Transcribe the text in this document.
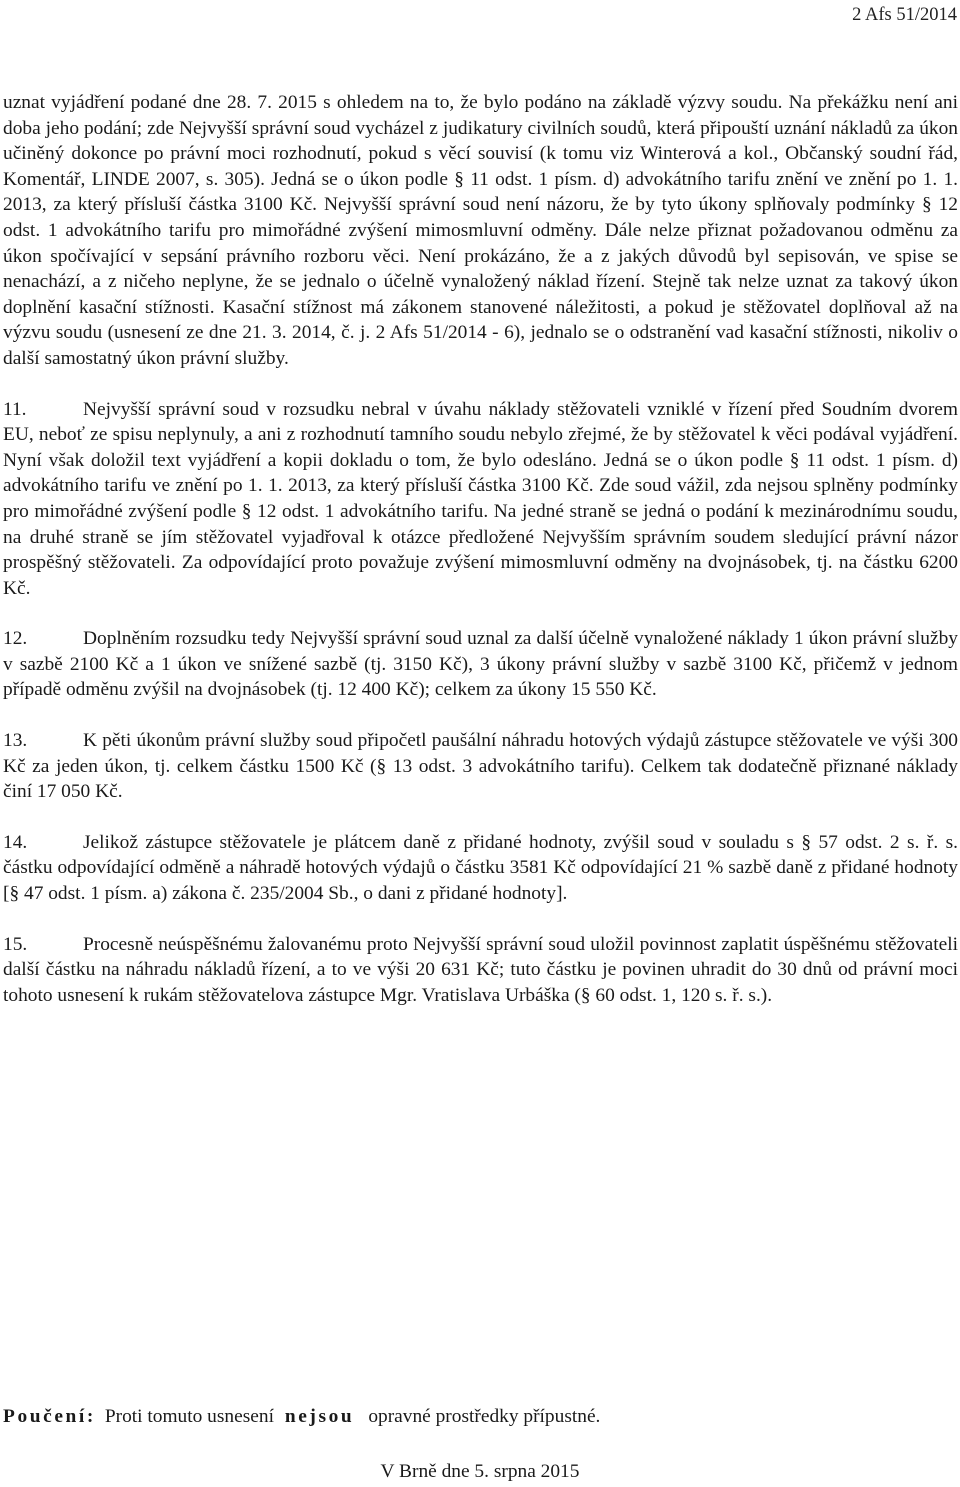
2 Afs 51/2014

uznat vyjádření podané dne 28. 7. 2015 s ohledem na to, že bylo podáno na základě výzvy soudu. Na překážku není ani doba jeho podání; zde Nejvyšší správní soud vycházel z judikatury civilních soudů, která připouští uznání nákladů za úkon učiněný dokonce po právní moci rozhodnutí, pokud s věcí souvisí (k tomu viz Winterová a kol., Občanský soudní řád, Komentář, LINDE 2007, s. 305). Jedná se o úkon podle § 11 odst. 1 písm. d) advokátního tarifu znění ve znění po 1. 1. 2013, za který přísluší částka 3100 Kč. Nejvyšší správní soud není názoru, že by tyto úkony splňovaly podmínky § 12 odst. 1 advokátního tarifu pro mimořádné zvýšení mimosmluvní odměny. Dále nelze přiznat požadovanou odměnu za úkon spočívající v sepsání právního rozboru věci. Není prokázáno, že a z jakých důvodů byl sepisován, ve spise se nenachází, a z ničeho neplyne, že se jednalo o účelně vynaložený náklad řízení. Stejně tak nelze uznat za takový úkon doplnění kasační stížnosti. Kasační stížnost má zákonem stanovené náležitosti, a pokud je stěžovatel doplňoval až na výzvu soudu (usnesení ze dne 21. 3. 2014, č. j. 2 Afs 51/2014 - 6), jednalo se o odstranění vad kasační stížnosti, nikoliv o další samostatný úkon právní služby.

11.	Nejvyšší správní soud v rozsudku nebral v úvahu náklady stěžovateli vzniklé v řízení před Soudním dvorem EU, neboť ze spisu neplynuly, a ani z rozhodnutí tamního soudu nebylo zřejmé, že by stěžovatel k věci podával vyjádření. Nyní však doložil text vyjádření a kopii dokladu o tom, že bylo odesláno. Jedná se o úkon podle § 11 odst. 1 písm. d) advokátního tarifu ve znění po 1. 1. 2013, za který přísluší částka 3100 Kč. Zde soud vážil, zda nejsou splněny podmínky pro mimořádné zvýšení podle § 12 odst. 1 advokátního tarifu. Na jedné straně se jedná o podání k mezinárodnímu soudu, na druhé straně se jím stěžovatel vyjadřoval k otázce předložené Nejvyšším správním soudem sledující právní názor prospěšný stěžovateli. Za odpovídající proto považuje zvýšení mimosmluvní odměny na dvojnásobek, tj. na částku 6200 Kč.

12.	Doplněním rozsudku tedy Nejvyšší správní soud uznal za další účelně vynaložené náklady 1 úkon právní služby v sazbě 2100 Kč a 1 úkon ve snížené sazbě (tj. 3150 Kč), 3 úkony právní služby v sazbě 3100 Kč, přičemž v jednom případě odměnu zvýšil na dvojnásobek (tj. 12 400 Kč); celkem za úkony 15 550 Kč.

13.	K pěti úkonům právní služby soud připočetl paušální náhradu hotových výdajů zástupce stěžovatele ve výši 300 Kč za jeden úkon, tj. celkem částku 1500 Kč (§ 13 odst. 3 advokátního tarifu). Celkem tak dodatečně přiznané náklady činí 17 050 Kč.

14.	Jelikož zástupce stěžovatele je plátcem daně z přidané hodnoty, zvýšil soud v souladu s § 57 odst. 2 s. ř. s. částku odpovídající odměně a náhradě hotových výdajů o částku 3581 Kč odpovídající 21 % sazbě daně z přidané hodnoty [§ 47 odst. 1 písm. a) zákona č. 235/2004 Sb., o dani z přidané hodnoty].

15.	Procesně neúspěšnému žalovanému proto Nejvyšší správní soud uložil povinnost zaplatit úspěšnému stěžovateli další částku na náhradu nákladů řízení, a to ve výši 20 631 Kč; tuto částku je povinen uhradit do 30 dnů od právní moci tohoto usnesení k rukám stěžovatelova zástupce Mgr. Vratislava Urbáška (§ 60 odst. 1, 120 s. ř. s.).

Poučení: Proti tomuto usnesení nejsou opravné prostředky přípustné.
V Brně dne 5. srpna 2015
